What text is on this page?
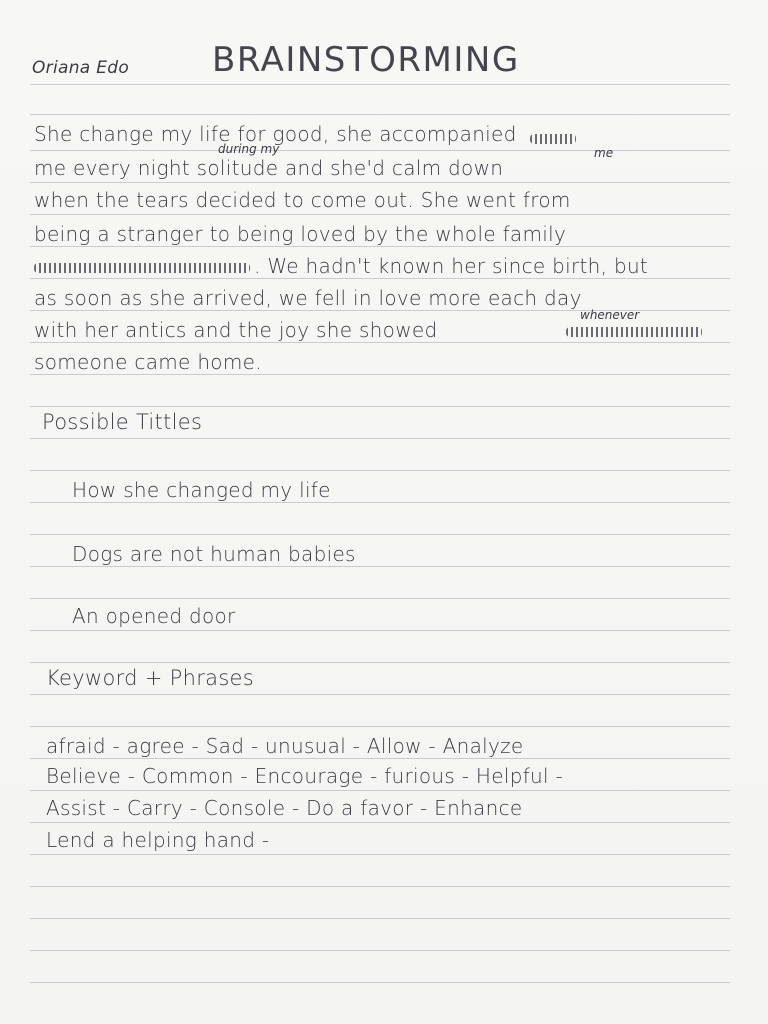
Oriana Edo BRAINSTORMING
She change my life for good, she accompanied
during my	me
me every night solitude and she'd calm down
when the tears decided to come out. She went from
being a stranger to being loved by the whole family
. We hadn't known her since birth, but
as soon as she arrived, we fell in love more each day
whenever
with her antics and the joy she showed
someone came home.
Possible Tittles
How she changed my life
Dogs are not human babies
An opened door
Keyword + Phrases
afraid - agree - Sad - unusual - Allow - Analyze
Believe - Common - Encourage - furious - Helpful -
Assist - Carry - Console - Do a favor - Enhance
Lend a helping hand -
